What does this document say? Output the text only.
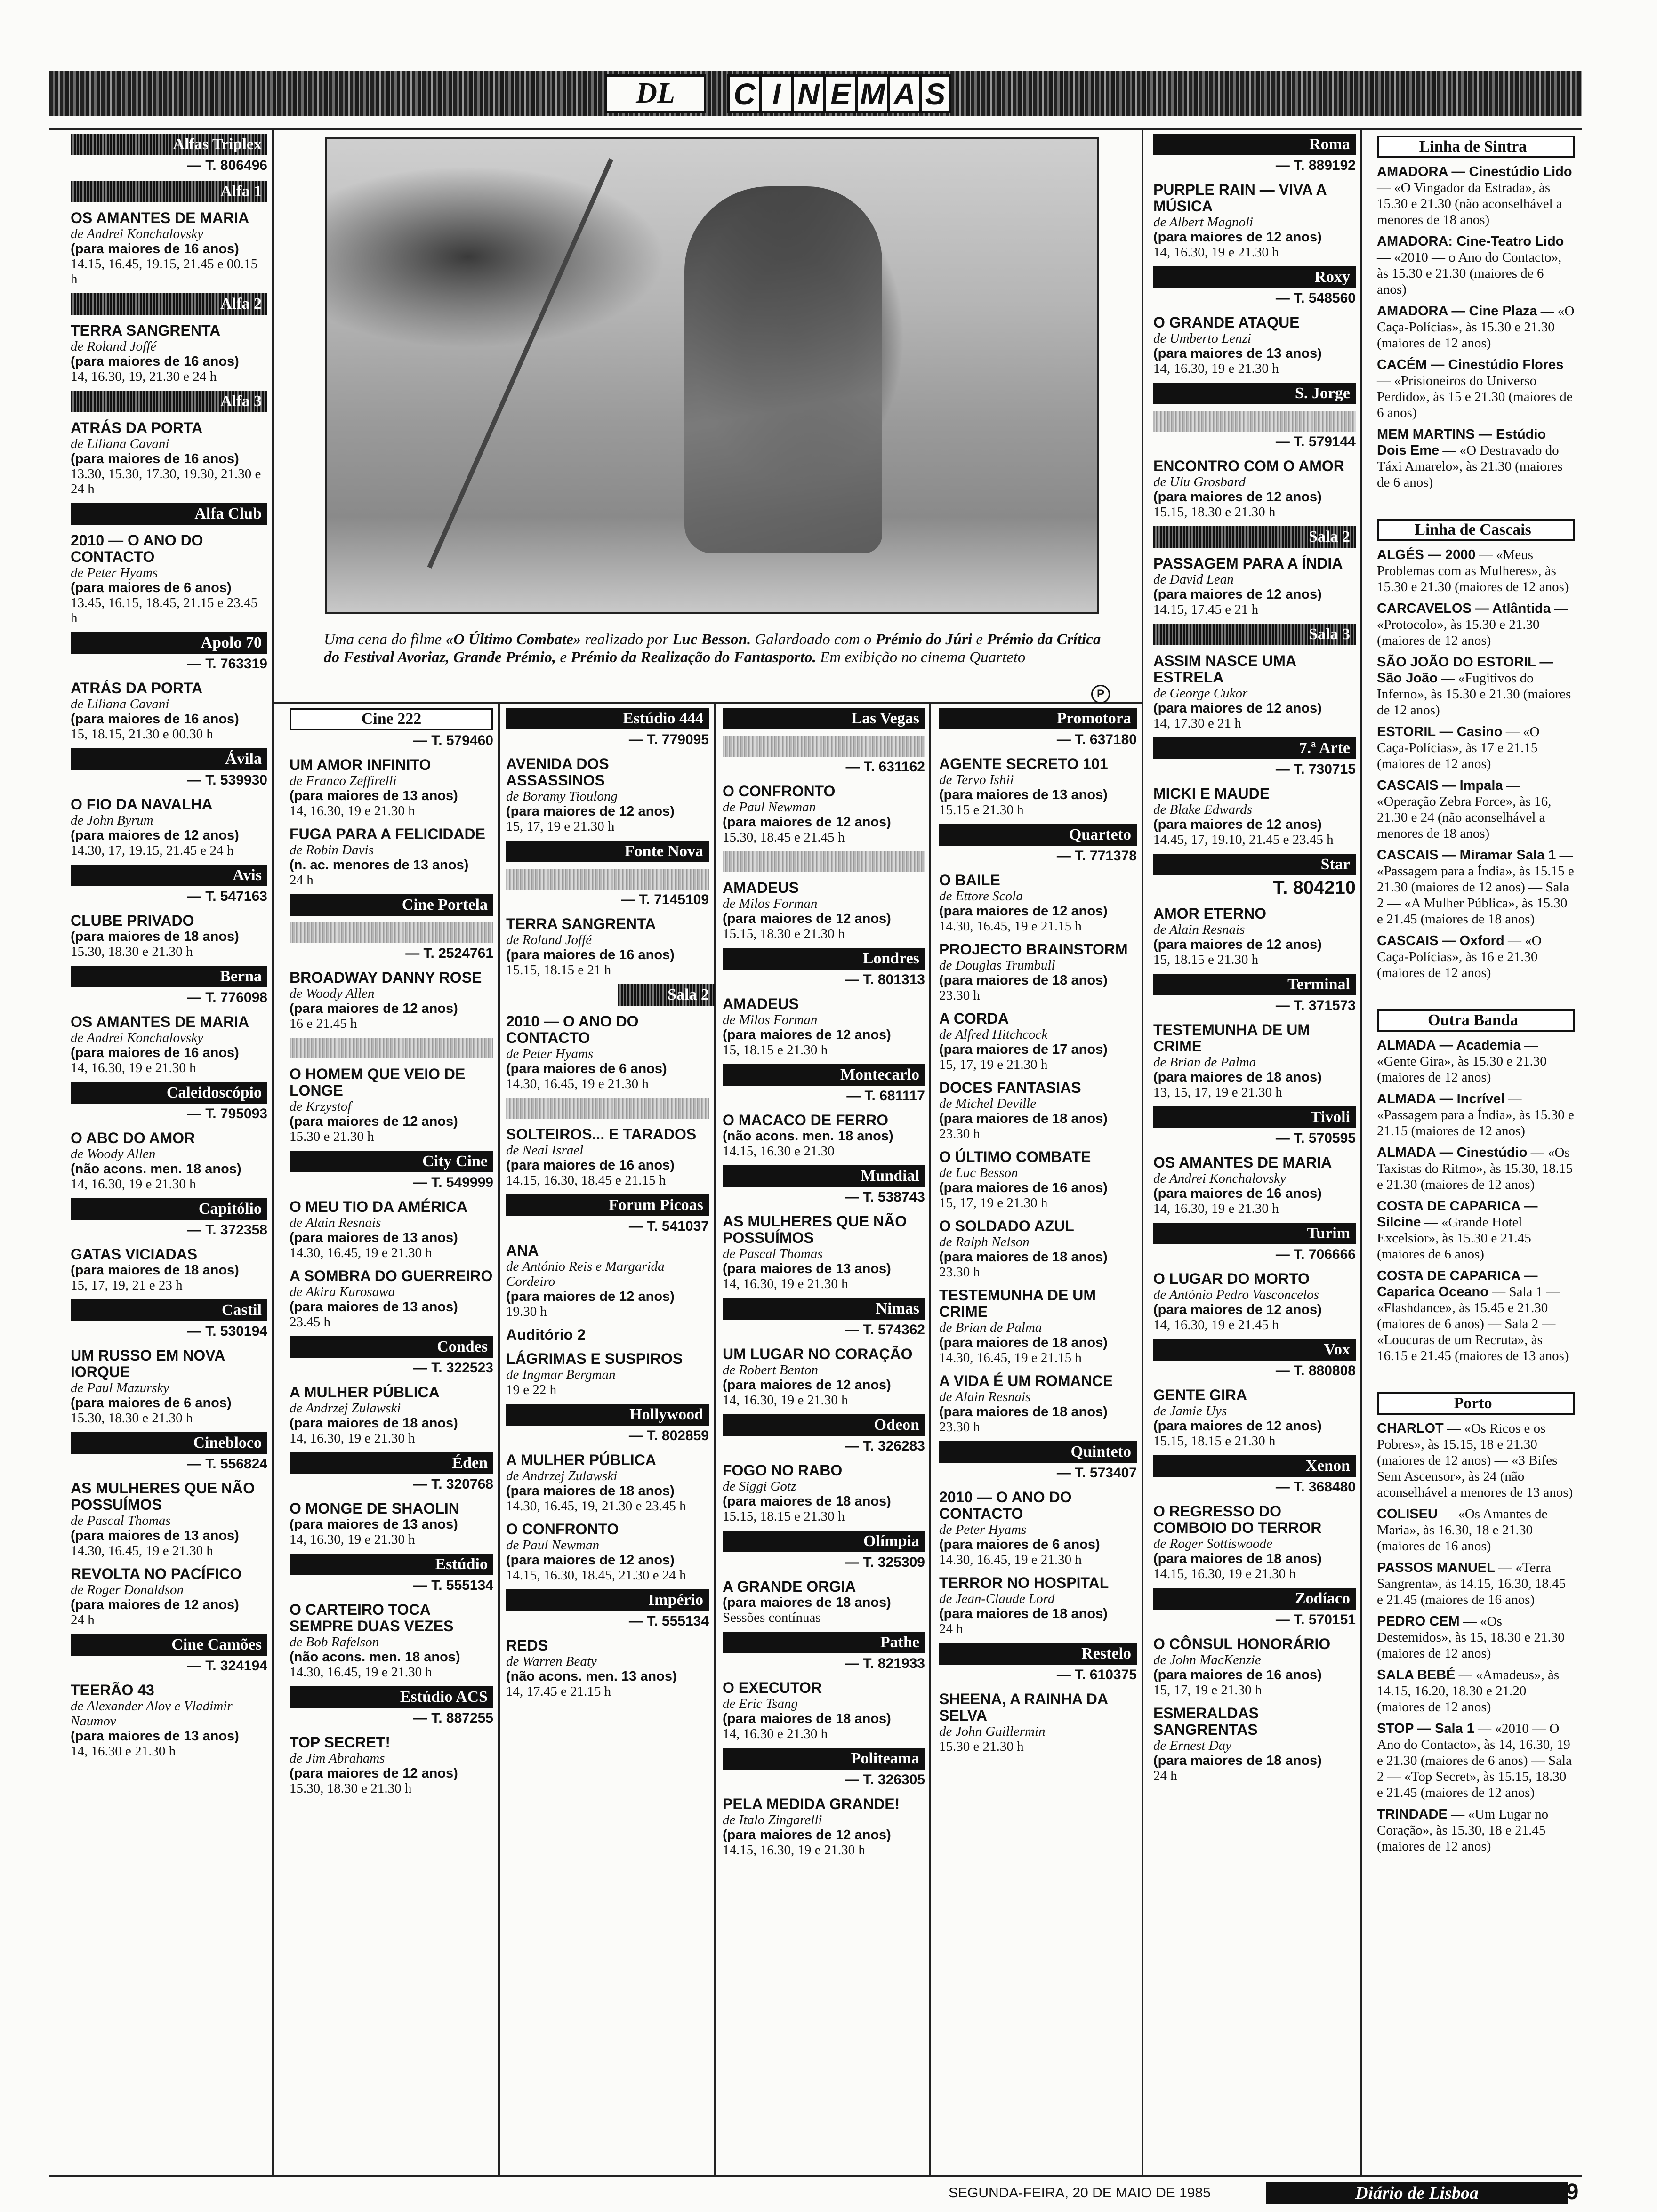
DL	C I N E M A S
Uma cena do filme «O Último Combate» realizado por Luc Besson. Galardoado com o Prémio do Júri e Prémio da Crítica do Festival Avoriaz, Grande Prémio, e Prémio da Realização do Fantasporto. Em exibição no cinema Quarteto
P
Alfas Triplex
— T. 806496
Alfa 1
OS AMANTES DE MARIA
de Andrei Konchalovsky
(para maiores de 16 anos)
14.15, 16.45, 19.15, 21.45 e 00.15 h
Alfa 2
TERRA SANGRENTA
de Roland Joffé
(para maiores de 16 anos)
14, 16.30, 19, 21.30 e 24 h
Alfa 3
ATRÁS DA PORTA
de Liliana Cavani
(para maiores de 16 anos)
13.30, 15.30, 17.30, 19.30, 21.30 e 24 h
Alfa Club
2010 — O ANO DO CONTACTO
de Peter Hyams
(para maiores de 6 anos)
13.45, 16.15, 18.45, 21.15 e 23.45 h
Apolo 70
— T. 763319
ATRÁS DA PORTA
de Liliana Cavani
(para maiores de 16 anos)
15, 18.15, 21.30 e 00.30 h
Ávila
— T. 539930
O FIO DA NAVALHA
de John Byrum
(para maiores de 12 anos)
14.30, 17, 19.15, 21.45 e 24 h
Avis
— T. 547163
CLUBE PRIVADO
(para maiores de 18 anos)
15.30, 18.30 e 21.30 h
Berna
— T. 776098
OS AMANTES DE MARIA
de Andrei Konchalovsky
(para maiores de 16 anos)
14, 16.30, 19 e 21.30 h
Caleidoscópio
— T. 795093
O ABC DO AMOR
de Woody Allen
(não acons. men. 18 anos)
14, 16.30, 19 e 21.30 h
Capitólio
— T. 372358
GATAS VICIADAS
(para maiores de 18 anos)
15, 17, 19, 21 e 23 h
Castil
— T. 530194
UM RUSSO EM NOVA IORQUE
de Paul Mazursky
(para maiores de 6 anos)
15.30, 18.30 e 21.30 h
Cinebloco
— T. 556824
AS MULHERES QUE NÃO POSSUÍMOS
de Pascal Thomas
(para maiores de 13 anos)
14.30, 16.45, 19 e 21.30 h
REVOLTA NO PACÍFICO
de Roger Donaldson
(para maiores de 12 anos)
24 h
Cine Camões
— T. 324194
TEERÃO 43
de Alexander Alov e Vladimir Naumov
(para maiores de 13 anos)
14, 16.30 e 21.30 h
Cine 222
— T. 579460
UM AMOR INFINITO
de Franco Zeffirelli
(para maiores de 13 anos)
14, 16.30, 19 e 21.30 h
FUGA PARA A FELICIDADE
de Robin Davis
(n. ac. menores de 13 anos)
24 h
Cine Portela
— T. 2524761
BROADWAY DANNY ROSE
de Woody Allen
(para maiores de 12 anos)
16 e 21.45 h
O HOMEM QUE VEIO DE LONGE
de Krzystof
(para maiores de 12 anos)
15.30 e 21.30 h
City Cine
— T. 549999
O MEU TIO DA AMÉRICA
de Alain Resnais
(para maiores de 13 anos)
14.30, 16.45, 19 e 21.30 h
A SOMBRA DO GUERREIRO
de Akira Kurosawa
(para maiores de 13 anos)
23.45 h
Condes
— T. 322523
A MULHER PÚBLICA
de Andrzej Zulawski
(para maiores de 18 anos)
14, 16.30, 19 e 21.30 h
Éden
— T. 320768
O MONGE DE SHAOLIN
(para maiores de 13 anos)
14, 16.30, 19 e 21.30 h
Estúdio
— T. 555134
O CARTEIRO TOCA SEMPRE DUAS VEZES
de Bob Rafelson
(não acons. men. 18 anos)
14.30, 16.45, 19 e 21.30 h
Estúdio ACS
— T. 887255
TOP SECRET!
de Jim Abrahams
(para maiores de 12 anos)
15.30, 18.30 e 21.30 h
Estúdio 444
— T. 779095
AVENIDA DOS ASSASSINOS
de Boramy Tioulong
(para maiores de 12 anos)
15, 17, 19 e 21.30 h
Fonte Nova
— T. 7145109
TERRA SANGRENTA
de Roland Joffé
(para maiores de 16 anos)
15.15, 18.15 e 21 h
Sala 2
2010 — O ANO DO CONTACTO
de Peter Hyams
(para maiores de 6 anos)
14.30, 16.45, 19 e 21.30 h
SOLTEIROS... E TARADOS
de Neal Israel
(para maiores de 16 anos)
14.15, 16.30, 18.45 e 21.15 h
Forum Picoas
— T. 541037
ANA
de António Reis e Margarida Cordeiro
(para maiores de 12 anos)
19.30 h
Auditório 2
LÁGRIMAS E SUSPIROS
de Ingmar Bergman
19 e 22 h
Hollywood
— T. 802859
A MULHER PÚBLICA
de Andrzej Zulawski
(para maiores de 18 anos)
14.30, 16.45, 19, 21.30 e 23.45 h
O CONFRONTO
de Paul Newman
(para maiores de 12 anos)
14.15, 16.30, 18.45, 21.30 e 24 h
Império
— T. 555134
REDS
de Warren Beaty
(não acons. men. 13 anos)
14, 17.45 e 21.15 h
Las Vegas
— T. 631162
O CONFRONTO
de Paul Newman
(para maiores de 12 anos)
15.30, 18.45 e 21.45 h
AMADEUS
de Milos Forman
(para maiores de 12 anos)
15.15, 18.30 e 21.30 h
Londres
— T. 801313
AMADEUS
de Milos Forman
(para maiores de 12 anos)
15, 18.15 e 21.30 h
Montecarlo
— T. 681117
O MACACO DE FERRO
(não acons. men. 18 anos)
14.15, 16.30 e 21.30
Mundial
— T. 538743
AS MULHERES QUE NÃO POSSUÍMOS
de Pascal Thomas
(para maiores de 13 anos)
14, 16.30, 19 e 21.30 h
Nimas
— T. 574362
UM LUGAR NO CORAÇÃO
de Robert Benton
(para maiores de 12 anos)
14, 16.30, 19 e 21.30 h
Odeon
— T. 326283
FOGO NO RABO
de Siggi Gotz
(para maiores de 18 anos)
15.15, 18.15 e 21.30 h
Olímpia
— T. 325309
A GRANDE ORGIA
(para maiores de 18 anos)
Sessões contínuas
Pathe
— T. 821933
O EXECUTOR
de Eric Tsang
(para maiores de 18 anos)
14, 16.30 e 21.30 h
Politeama
— T. 326305
PELA MEDIDA GRANDE!
de Italo Zingarelli
(para maiores de 12 anos)
14.15, 16.30, 19 e 21.30 h
Promotora
— T. 637180
AGENTE SECRETO 101
de Tervo Ishii
(para maiores de 13 anos)
15.15 e 21.30 h
Quarteto
— T. 771378
O BAILE
de Ettore Scola
(para maiores de 12 anos)
14.30, 16.45, 19 e 21.15 h
PROJECTO BRAINSTORM
de Douglas Trumbull
(para maiores de 18 anos)
23.30 h
A CORDA
de Alfred Hitchcock
(para maiores de 17 anos)
15, 17, 19 e 21.30 h
DOCES FANTASIAS
de Michel Deville
(para maiores de 18 anos)
23.30 h
O ÚLTIMO COMBATE
de Luc Besson
(para maiores de 16 anos)
15, 17, 19 e 21.30 h
O SOLDADO AZUL
de Ralph Nelson
(para maiores de 18 anos)
23.30 h
TESTEMUNHA DE UM CRIME
de Brian de Palma
(para maiores de 18 anos)
14.30, 16.45, 19 e 21.15 h
A VIDA É UM ROMANCE
de Alain Resnais
(para maiores de 18 anos)
23.30 h
Quinteto
— T. 573407
2010 — O ANO DO CONTACTO
de Peter Hyams
(para maiores de 6 anos)
14.30, 16.45, 19 e 21.30 h
TERROR NO HOSPITAL
de Jean-Claude Lord
(para maiores de 18 anos)
24 h
Restelo
— T. 610375
SHEENA, A RAINHA DA SELVA
de John Guillermin
15.30 e 21.30 h
Roma
— T. 889192
PURPLE RAIN — VIVA A MÚSICA
de Albert Magnoli
(para maiores de 12 anos)
14, 16.30, 19 e 21.30 h
Roxy
— T. 548560
O GRANDE ATAQUE
de Umberto Lenzi
(para maiores de 13 anos)
14, 16.30, 19 e 21.30 h
S. Jorge
— T. 579144
ENCONTRO COM O AMOR
de Ulu Grosbard
(para maiores de 12 anos)
15.15, 18.30 e 21.30 h
Sala 2
PASSAGEM PARA A ÍNDIA
de David Lean
(para maiores de 12 anos)
14.15, 17.45 e 21 h
Sala 3
ASSIM NASCE UMA ESTRELA
de George Cukor
(para maiores de 12 anos)
14, 17.30 e 21 h
7.ª Arte
— T. 730715
MICKI E MAUDE
de Blake Edwards
(para maiores de 12 anos)
14.45, 17, 19.10, 21.45 e 23.45 h
Star
T. 804210
AMOR ETERNO
de Alain Resnais
(para maiores de 12 anos)
15, 18.15 e 21.30 h
Terminal
— T. 371573
TESTEMUNHA DE UM CRIME
de Brian de Palma
(para maiores de 18 anos)
13, 15, 17, 19 e 21.30 h
Tivoli
— T. 570595
OS AMANTES DE MARIA
de Andrei Konchalovsky
(para maiores de 16 anos)
14, 16.30, 19 e 21.30 h
Turim
— T. 706666
O LUGAR DO MORTO
de António Pedro Vasconcelos
(para maiores de 12 anos)
14, 16.30, 19 e 21.45 h
Vox
— T. 880808
GENTE GIRA
de Jamie Uys
(para maiores de 12 anos)
15.15, 18.15 e 21.30 h
Xenon
— T. 368480
O REGRESSO DO COMBOIO DO TERROR
de Roger Sottiswoode
(para maiores de 18 anos)
14.15, 16.30, 19 e 21.30 h
Zodíaco
— T. 570151
O CÔNSUL HONORÁRIO
de John MacKenzie
(para maiores de 16 anos)
15, 17, 19 e 21.30 h
ESMERALDAS SANGRENTAS
de Ernest Day
(para maiores de 18 anos)
24 h
Linha de Sintra
AMADORA — Cinestúdio Lido — «O Vingador da Estrada», às 15.30 e 21.30 (não aconselhável a menores de 18 anos)
AMADORA: Cine-Teatro Lido — «2010 — o Ano do Contacto», às 15.30 e 21.30 (maiores de 6 anos)
AMADORA — Cine Plaza — «O Caça-Polícias», às 15.30 e 21.30 (maiores de 12 anos)
CACÉM — Cinestúdio Flores — «Prisioneiros do Universo Perdido», às 15 e 21.30 (maiores de 6 anos)
MEM MARTINS — Estúdio Dois Eme — «O Destravado do Táxi Amarelo», às 21.30 (maiores de 6 anos)
Linha de Cascais
ALGÉS — 2000 — «Meus Problemas com as Mulheres», às 15.30 e 21.30 (maiores de 12 anos)
CARCAVELOS — Atlântida — «Protocolo», às 15.30 e 21.30 (maiores de 12 anos)
SÃO JOÃO DO ESTORIL — São João — «Fugitivos do Inferno», às 15.30 e 21.30 (maiores de 12 anos)
ESTORIL — Casino — «O Caça-Polícias», às 17 e 21.15 (maiores de 12 anos)
CASCAIS — Impala — «Operação Zebra Force», às 16, 21.30 e 24 (não aconselhável a menores de 18 anos)
CASCAIS — Miramar Sala 1 — «Passagem para a Índia», às 15.15 e 21.30 (maiores de 12 anos) — Sala 2 — «A Mulher Pública», às 15.30 e 21.45 (maiores de 18 anos)
CASCAIS — Oxford — «O Caça-Polícias», às 16 e 21.30 (maiores de 12 anos)
Outra Banda
ALMADA — Academia — «Gente Gira», às 15.30 e 21.30 (maiores de 12 anos)
ALMADA — Incrível — «Passagem para a Índia», às 15.30 e 21.15 (maiores de 12 anos)
ALMADA — Cinestúdio — «Os Taxistas do Ritmo», às 15.30, 18.15 e 21.30 (maiores de 12 anos)
COSTA DE CAPARICA — Silcine — «Grande Hotel Excelsior», às 15.30 e 21.45 (maiores de 6 anos)
COSTA DE CAPARICA — Caparica Oceano — Sala 1 — «Flashdance», às 15.45 e 21.30 (maiores de 6 anos) — Sala 2 — «Loucuras de um Recruta», às 16.15 e 21.45 (maiores de 13 anos)
Porto
CHARLOT — «Os Ricos e os Pobres», às 15.15, 18 e 21.30 (maiores de 12 anos) — «3 Bifes Sem Ascensor», às 24 (não aconselhável a menores de 13 anos)
COLISEU — «Os Amantes de Maria», às 16.30, 18 e 21.30 (maiores de 16 anos)
PASSOS MANUEL — «Terra Sangrenta», às 14.15, 16.30, 18.45 e 21.45 (maiores de 16 anos)
PEDRO CEM — «Os Destemidos», às 15, 18.30 e 21.30 (maiores de 12 anos)
SALA BEBÉ — «Amadeus», às 14.15, 16.20, 18.30 e 21.20 (maiores de 12 anos)
STOP — Sala 1 — «2010 — O Ano do Contacto», às 14, 16.30, 19 e 21.30 (maiores de 6 anos) — Sala 2 — «Top Secret», às 15.15, 18.30 e 21.45 (maiores de 12 anos)
TRINDADE — «Um Lugar no Coração», às 15.30, 18 e 21.45 (maiores de 12 anos)
SEGUNDA-FEIRA, 20 DE MAIO DE 1985	Diário de Lisboa	29
